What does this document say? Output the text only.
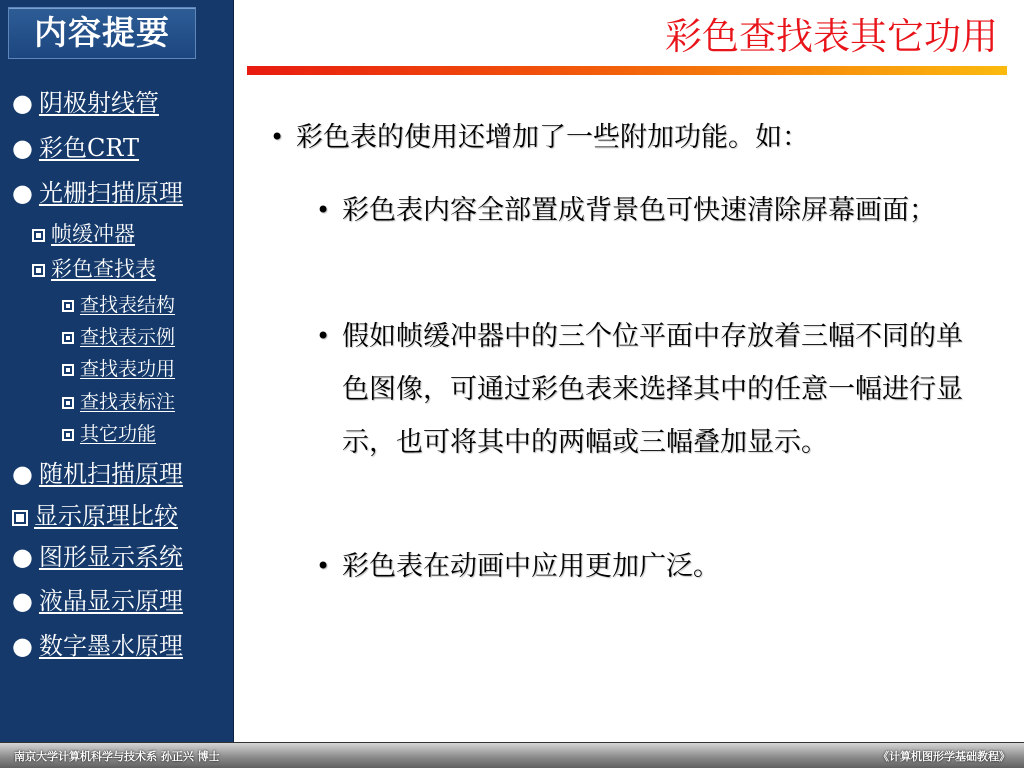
内容提要
● 阴极射线管
● 彩色CRT
● 光栅扫描原理
帧缓冲器
彩色查找表
查找表结构
查找表示例
查找表功用
查找表标注
其它功能
● 随机扫描原理
显示原理比较
● 图形显示系统
● 液晶显示原理
● 数字墨水原理
彩色查找表其它功用
• 彩色表的使用还增加了一些附加功能。如：
• 彩色表内容全部置成背景色可快速清除屏幕画面；
• 假如帧缓冲器中的三个位平面中存放着三幅不同的单色图像，可通过彩色表来选择其中的任意一幅进行显示，也可将其中的两幅或三幅叠加显示。
• 彩色表在动画中应用更加广泛。
南京大学计算机科学与技术系 孙正兴 博士	《计算机图形学基础教程》
